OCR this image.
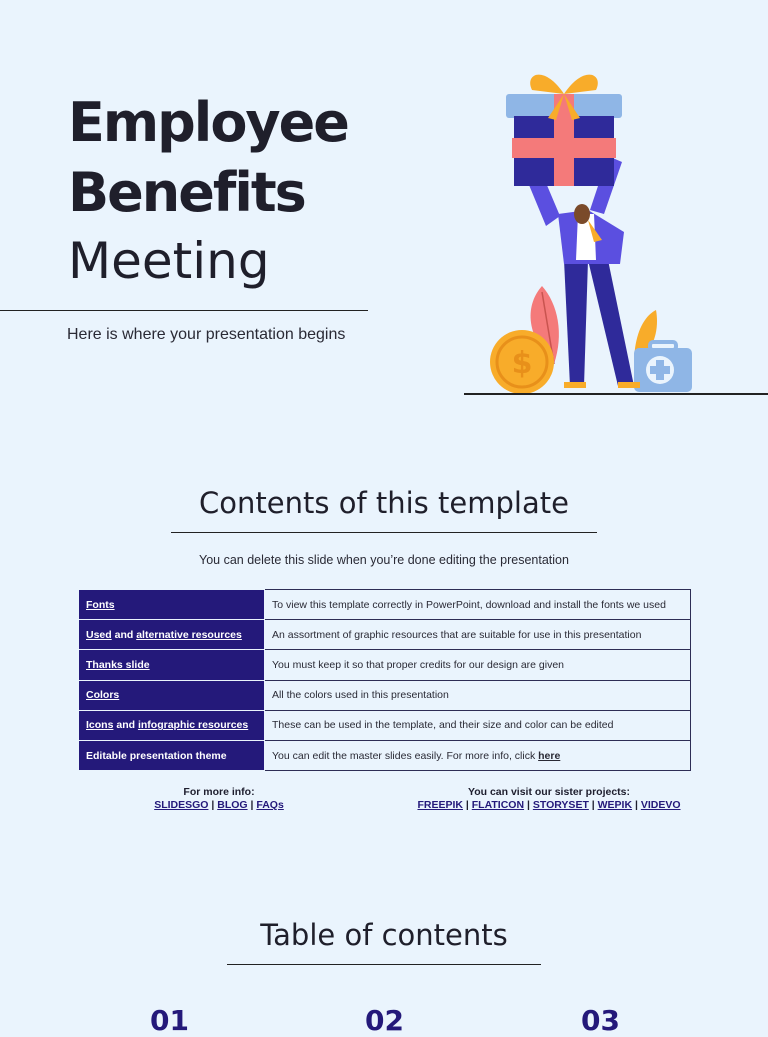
Employee
Benefits
Meeting
Here is where your presentation begins
$
Contents of this template
You can delete this slide when you’re done editing the presentation
Fonts	To view this template correctly in PowerPoint, download and install the fonts we used
Used and alternative resources	An assortment of graphic resources that are suitable for use in this presentation
Thanks slide	You must keep it so that proper credits for our design are given
Colors	All the colors used in this presentation
Icons and infographic resources	These can be used in the template, and their size and color can be edited
Editable presentation theme	You can edit the master slides easily. For more info, click here
For more info:
SLIDESGO | BLOG | FAQs
You can visit our sister projects:
FREEPIK | FLATICON | STORYSET | WEPIK | VIDEVO
Table of contents
01	02	03
